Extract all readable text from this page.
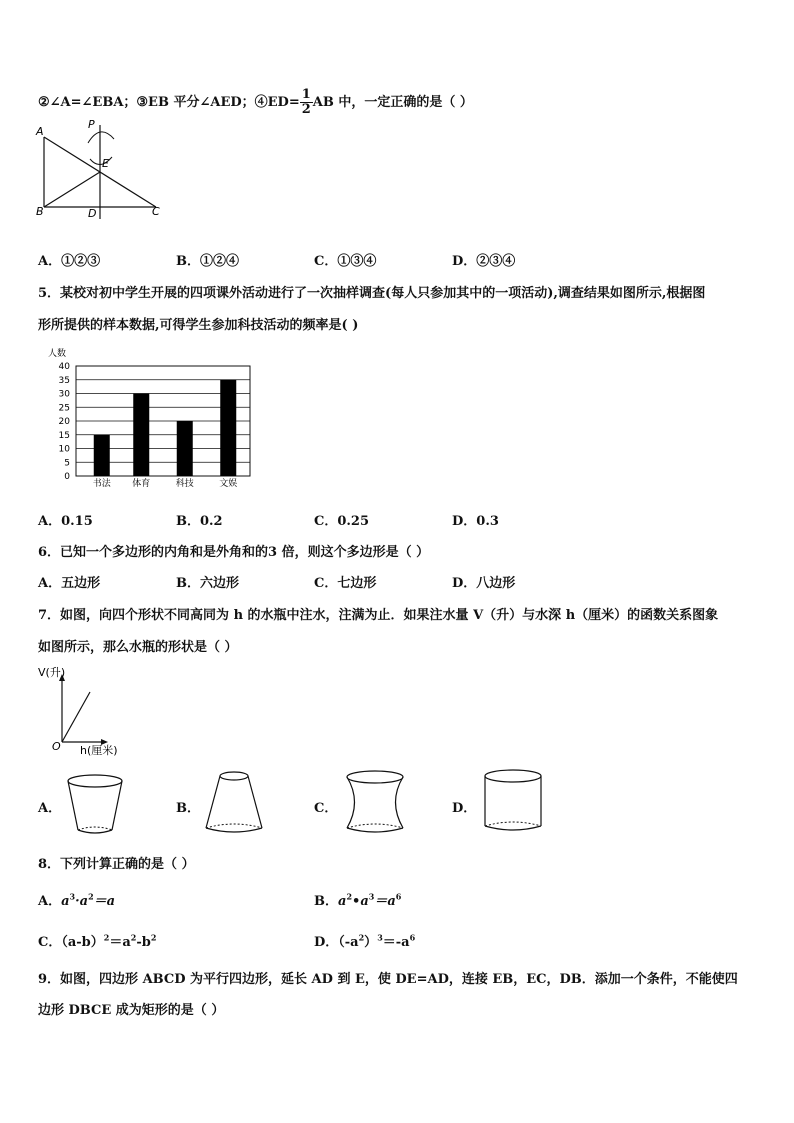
②∠A=∠EBA；③EB 平分∠AED；④ED= $\frac{1}{2}$ AB 中，一定正确的是（ ）
A
P
E
B	D	C
A．①②③	B．①②④	C．①③④	D．②③④
5．某校对初中学生开展的四项课外活动进行了一次抽样调查(每人只参加其中的一项活动),调查结果如图所示,根据图
形所提供的样本数据,可得学生参加科技活动的频率是( )
人数
0
5
10
15
20
25
30
35
40
书法 体育	科技	文娱
A．0.15	B．0.2	C．0.25	D．0.3
6．已知一个多边形的内角和是外角和的3 倍，则这个多边形是（ ）
A．五边形	B．六边形	C．七边形	D．八边形
7．如图，向四个形状不同高同为 h 的水瓶中注水，注满为止．如果注水量 V（升）与水深 h（厘米）的函数关系图象
如图所示，那么水瓶的形状是（ ）
V(升)
O h(厘米)
A．	B．	C．	D．
8．下列计算正确的是（ ）
A．$a^3\cdot a^2=a$	B．$a^2•a^3=a^6$
C．$(a-b)^2=a^2-b^2$	D．$(-a^2)^3=-a^6$
9．如图，四边形 ABCD 为平行四边形，延长 AD 到 E，使 DE=AD，连接 EB，EC，DB．添加一个条件，不能使四
边形 DBCE 成为矩形的是（ ）
